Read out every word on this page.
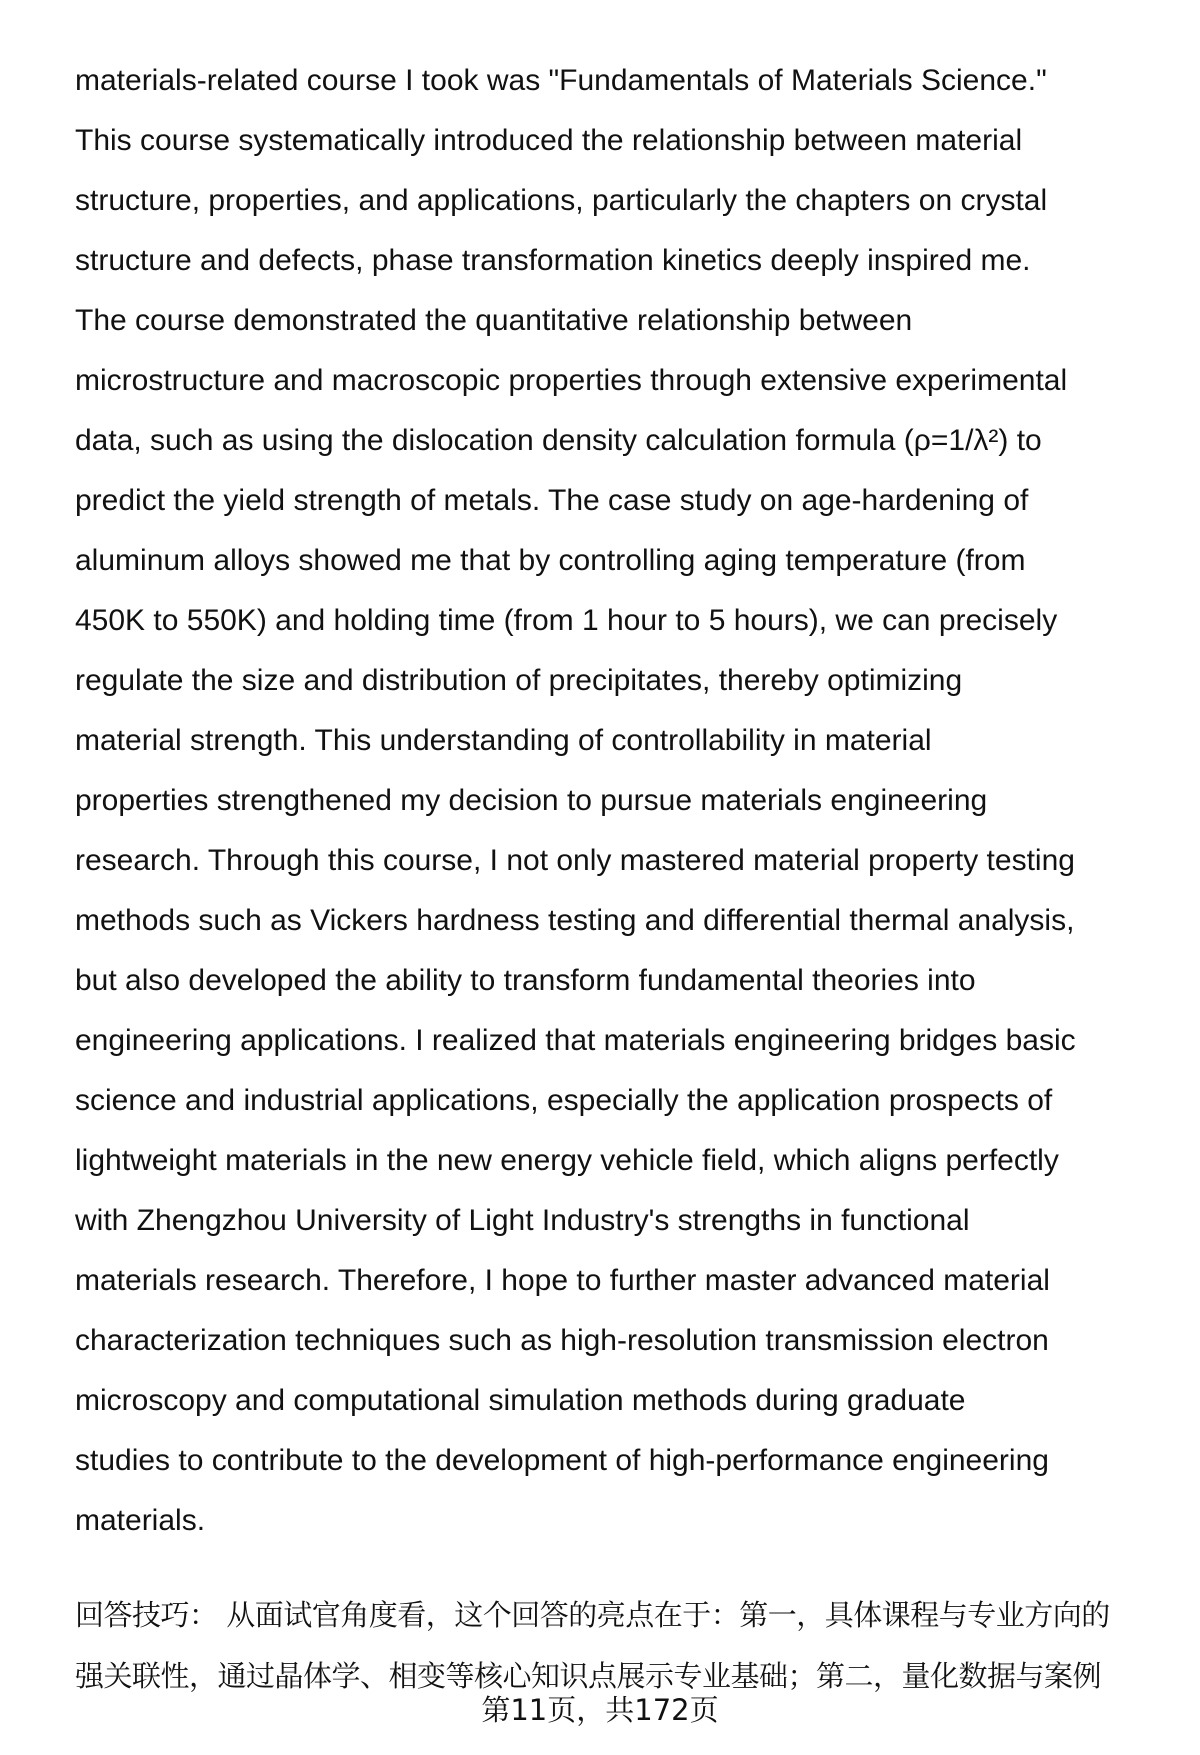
materials-related course I took was "Fundamentals of Materials Science."
This course systematically introduced the relationship between material
structure, properties, and applications, particularly the chapters on crystal
structure and defects, phase transformation kinetics deeply inspired me.
The course demonstrated the quantitative relationship between
microstructure and macroscopic properties through extensive experimental
data, such as using the dislocation density calculation formula (ρ=1/λ²) to
predict the yield strength of metals. The case study on age-hardening of
aluminum alloys showed me that by controlling aging temperature (from
450K to 550K) and holding time (from 1 hour to 5 hours), we can precisely
regulate the size and distribution of precipitates, thereby optimizing
material strength. This understanding of controllability in material
properties strengthened my decision to pursue materials engineering
research. Through this course, I not only mastered material property testing
methods such as Vickers hardness testing and differential thermal analysis,
but also developed the ability to transform fundamental theories into
engineering applications. I realized that materials engineering bridges basic
science and industrial applications, especially the application prospects of
lightweight materials in the new energy vehicle field, which aligns perfectly
with Zhengzhou University of Light Industry's strengths in functional
materials research. Therefore, I hope to further master advanced material
characterization techniques such as high-resolution transmission electron
microscopy and computational simulation methods during graduate
studies to contribute to the development of high-performance engineering
materials.
回答技巧： 从面试官角度看，这个回答的亮点在于：第一，具体课程与专业方向的
强关联性，通过晶体学、相变等核心知识点展示专业基础；第二，量化数据与案例
第11页，共172页
